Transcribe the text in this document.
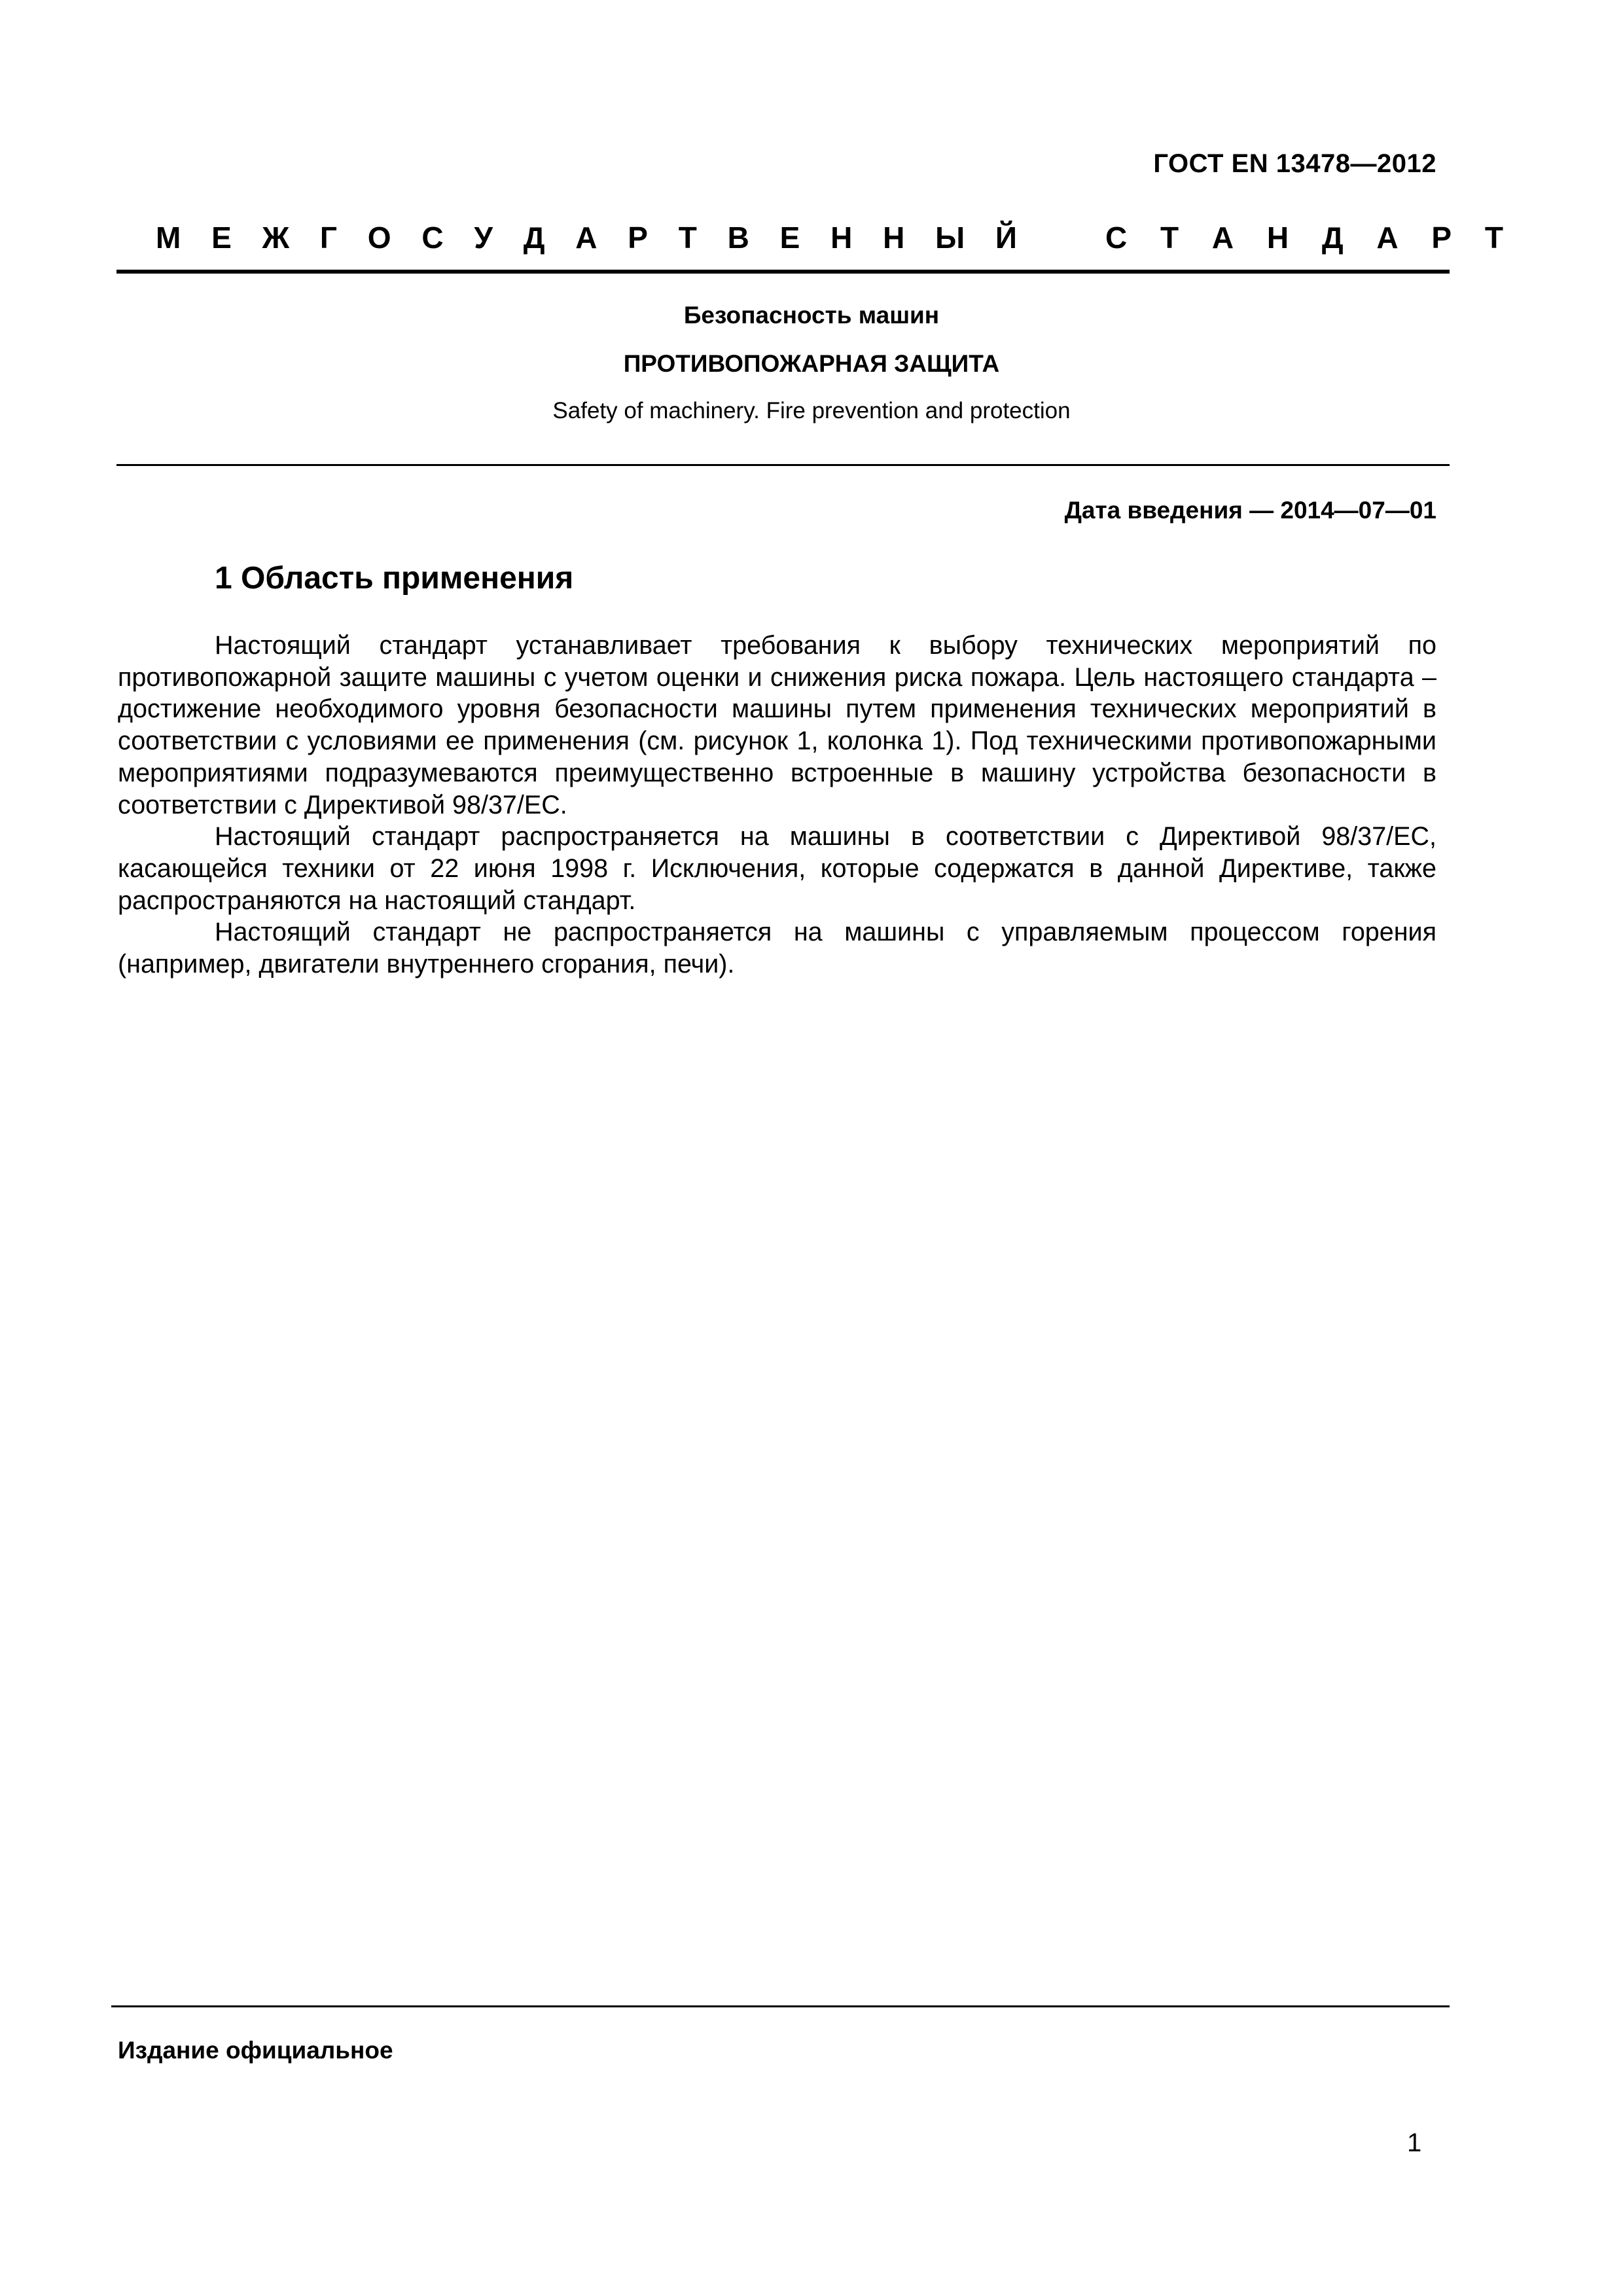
ГОСТ EN 13478—2012
М Е Ж Г О С У Д А Р Т В Е Н Н Ы Й	С Т А Н Д А Р Т
Безопасность машин
ПРОТИВОПОЖАРНАЯ ЗАЩИТА
Safety of machinery. Fire prevention and protection
Дата введения — 2014—07—01
1 Область применения

Настоящий стандарт устанавливает требования к выбору технических мероприятий по противопожарной защите машины с учетом оценки и снижения риска пожара. Цель настоящего стандарта – достижение необходимого уровня безопасности машины путем применения технических мероприятий в соответствии с условиями ее применения (см. рисунок 1, колонка 1). Под техническими противопожарными мероприятиями подразумеваются преимущественно встроенные в машину устройства безопасности в соответствии с Директивой 98/37/ЕС.

Настоящий стандарт распространяется на машины в соответствии с Директивой 98/37/ЕС, касающейся техники от 22 июня 1998 г. Исключения, которые содержатся в данной Директиве, также распространяются на настоящий стандарт.

Настоящий стандарт не распространяется на машины с управляемым процессом горения (например, двигатели внутреннего сгорания, печи).

Издание официальное
1
